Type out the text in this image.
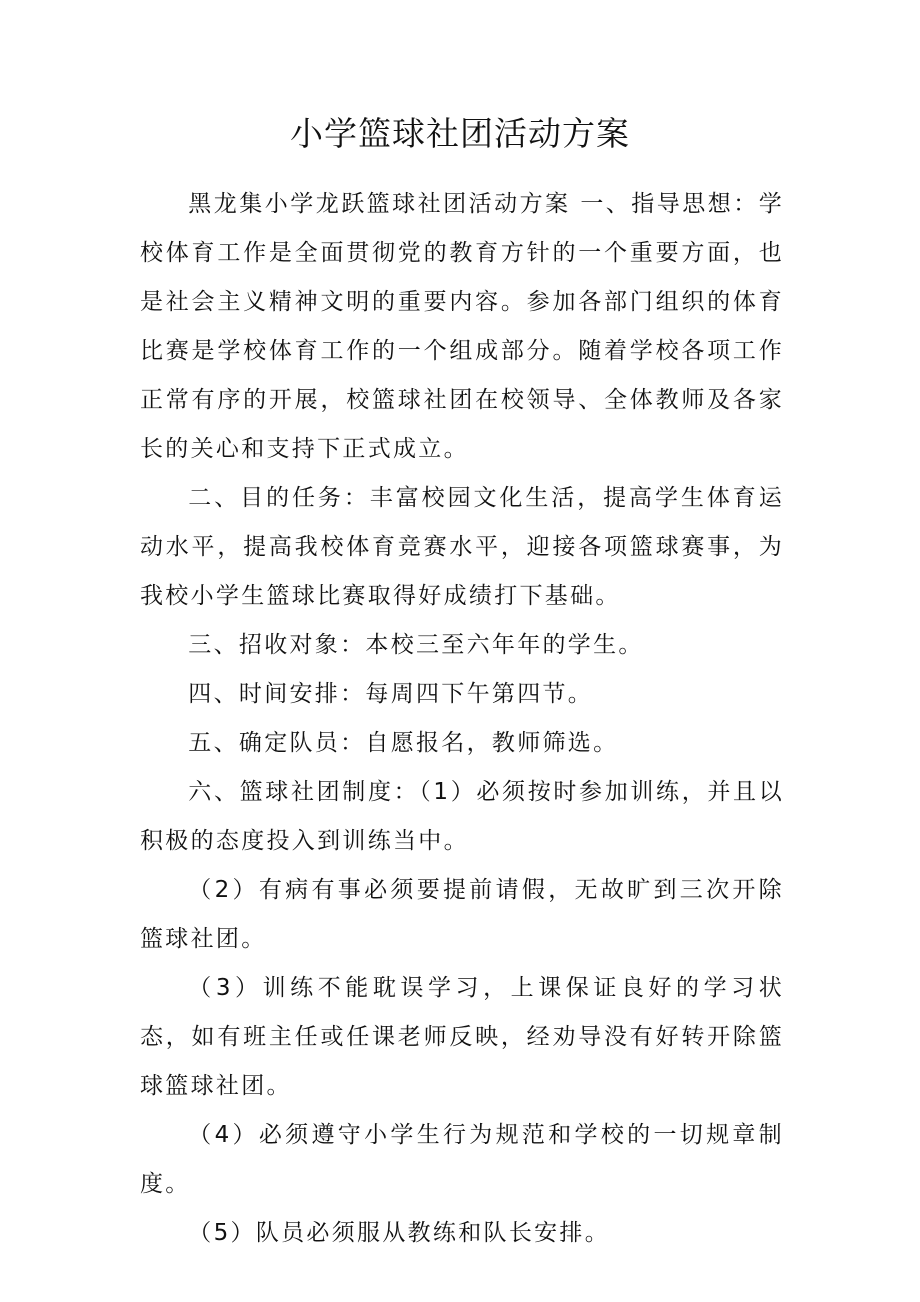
小学篮球社团活动方案

黑龙集小学龙跃篮球社团活动方案 一、指导思想：学校体育工作是全面贯彻党的教育方针的一个重要方面，也是社会主义精神文明的重要内容。参加各部门组织的体育比赛是学校体育工作的一个组成部分。随着学校各项工作正常有序的开展，校篮球社团在校领导、全体教师及各家长的关心和支持下正式成立。

二、目的任务：丰富校园文化生活，提高学生体育运动水平，提高我校体育竞赛水平，迎接各项篮球赛事，为我校小学生篮球比赛取得好成绩打下基础。

三、招收对象：本校三至六年年的学生。

四、时间安排：每周四下午第四节。

五、确定队员：自愿报名，教师筛选。

六、篮球社团制度：（1）必须按时参加训练，并且以积极的态度投入到训练当中。

（2）有病有事必须要提前请假，无故旷到三次开除篮球社团。

（3）训练不能耽误学习，上课保证良好的学习状态，如有班主任或任课老师反映，经劝导没有好转开除篮球篮球社团。

（4）必须遵守小学生行为规范和学校的一切规章制度。

（5）队员必须服从教练和队长安排。
